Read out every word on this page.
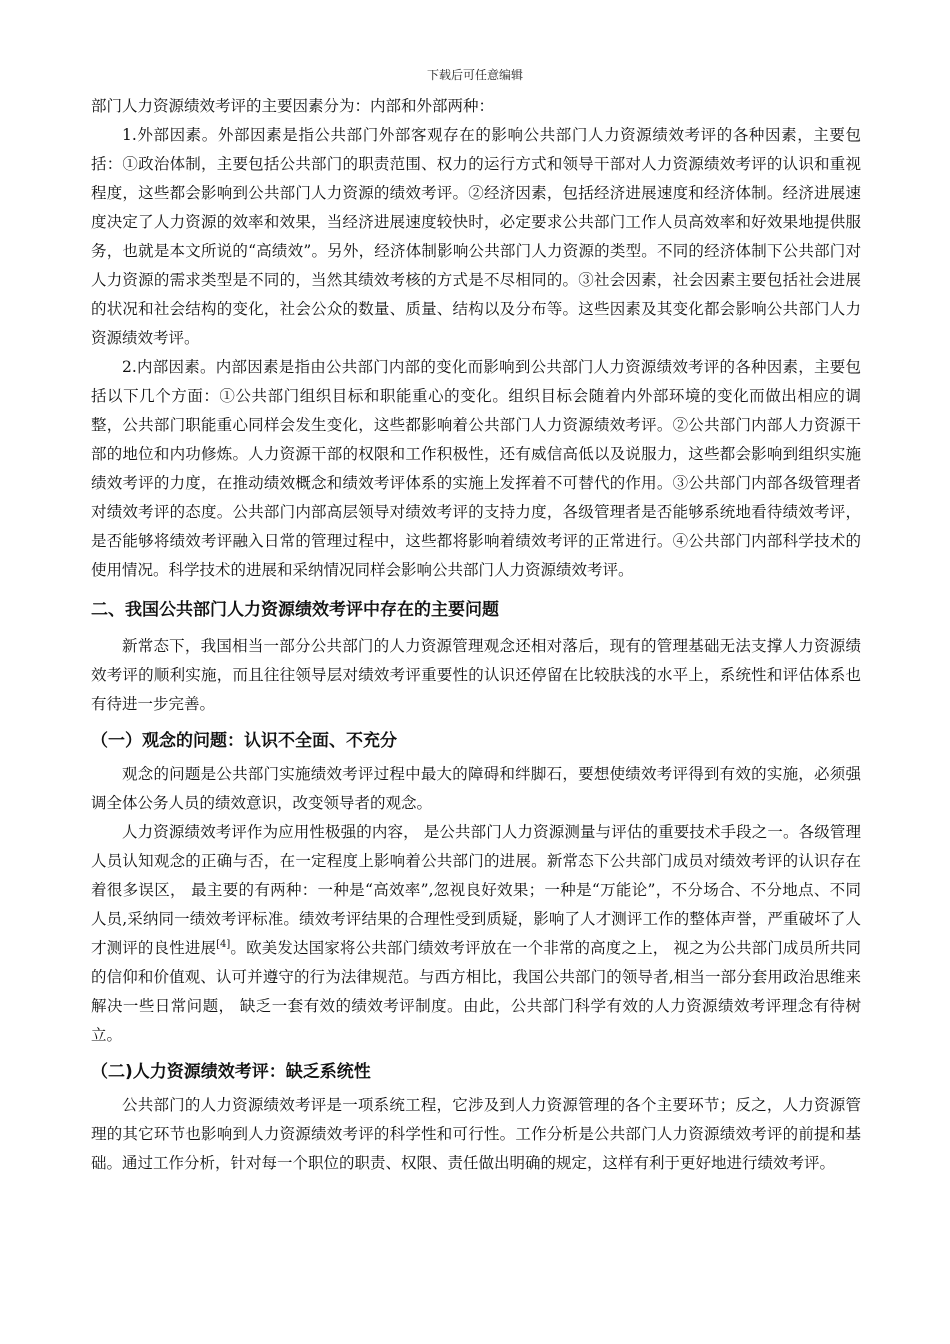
下载后可任意编辑

部门人力资源绩效考评的主要因素分为：内部和外部两种：

1.外部因素。外部因素是指公共部门外部客观存在的影响公共部门人力资源绩效考评的各种因素，主要包括：①政治体制，主要包括公共部门的职责范围、权力的运行方式和领导干部对人力资源绩效考评的认识和重视程度，这些都会影响到公共部门人力资源的绩效考评。②经济因素，包括经济进展速度和经济体制。经济进展速度决定了人力资源的效率和效果，当经济进展速度较快时，必定要求公共部门工作人员高效率和好效果地提供服务，也就是本文所说的“高绩效”。另外，经济体制影响公共部门人力资源的类型。不同的经济体制下公共部门对人力资源的需求类型是不同的，当然其绩效考核的方式是不尽相同的。③社会因素，社会因素主要包括社会进展的状况和社会结构的变化，社会公众的数量、质量、结构以及分布等。这些因素及其变化都会影响公共部门人力资源绩效考评。

2.内部因素。内部因素是指由公共部门内部的变化而影响到公共部门人力资源绩效考评的各种因素，主要包括以下几个方面：①公共部门组织目标和职能重心的变化。组织目标会随着内外部环境的变化而做出相应的调整，公共部门职能重心同样会发生变化，这些都影响着公共部门人力资源绩效考评。②公共部门内部人力资源干部的地位和内功修炼。人力资源干部的权限和工作积极性，还有威信高低以及说服力，这些都会影响到组织实施绩效考评的力度，在推动绩效概念和绩效考评体系的实施上发挥着不可替代的作用。③公共部门内部各级管理者对绩效考评的态度。公共部门内部高层领导对绩效考评的支持力度，各级管理者是否能够系统地看待绩效考评，是否能够将绩效考评融入日常的管理过程中，这些都将影响着绩效考评的正常进行。④公共部门内部科学技术的使用情况。科学技术的进展和采纳情况同样会影响公共部门人力资源绩效考评。

二、我国公共部门人力资源绩效考评中存在的主要问题

新常态下，我国相当一部分公共部门的人力资源管理观念还相对落后，现有的管理基础无法支撑人力资源绩效考评的顺利实施，而且往往领导层对绩效考评重要性的认识还停留在比较肤浅的水平上，系统性和评估体系也有待进一步完善。

（一）观念的问题：认识不全面、不充分

观念的问题是公共部门实施绩效考评过程中最大的障碍和绊脚石，要想使绩效考评得到有效的实施，必须强调全体公务人员的绩效意识，改变领导者的观念。

人力资源绩效考评作为应用性极强的内容， 是公共部门人力资源测量与评估的重要技术手段之一。各级管理人员认知观念的正确与否，在一定程度上影响着公共部门的进展。新常态下公共部门成员对绩效考评的认识存在着很多误区， 最主要的有两种：一种是“高效率”,忽视良好效果；一种是“万能论”，不分场合、不分地点、不同人员,采纳同一绩效考评标准。绩效考评结果的合理性受到质疑，影响了人才测评工作的整体声誉，严重破坏了人才测评的良性进展[4]。欧美发达国家将公共部门绩效考评放在一个非常的高度之上， 视之为公共部门成员所共同的信仰和价值观、认可并遵守的行为法律规范。与西方相比，我国公共部门的领导者,相当一部分套用政治思维来解决一些日常问题， 缺乏一套有效的绩效考评制度。由此，公共部门科学有效的人力资源绩效考评理念有待树立。

（二)人力资源绩效考评：缺乏系统性

公共部门的人力资源绩效考评是一项系统工程，它涉及到人力资源管理的各个主要环节；反之，人力资源管理的其它环节也影响到人力资源绩效考评的科学性和可行性。工作分析是公共部门人力资源绩效考评的前提和基础。通过工作分析，针对每一个职位的职责、权限、责任做出明确的规定，这样有利于更好地进行绩效考评。
